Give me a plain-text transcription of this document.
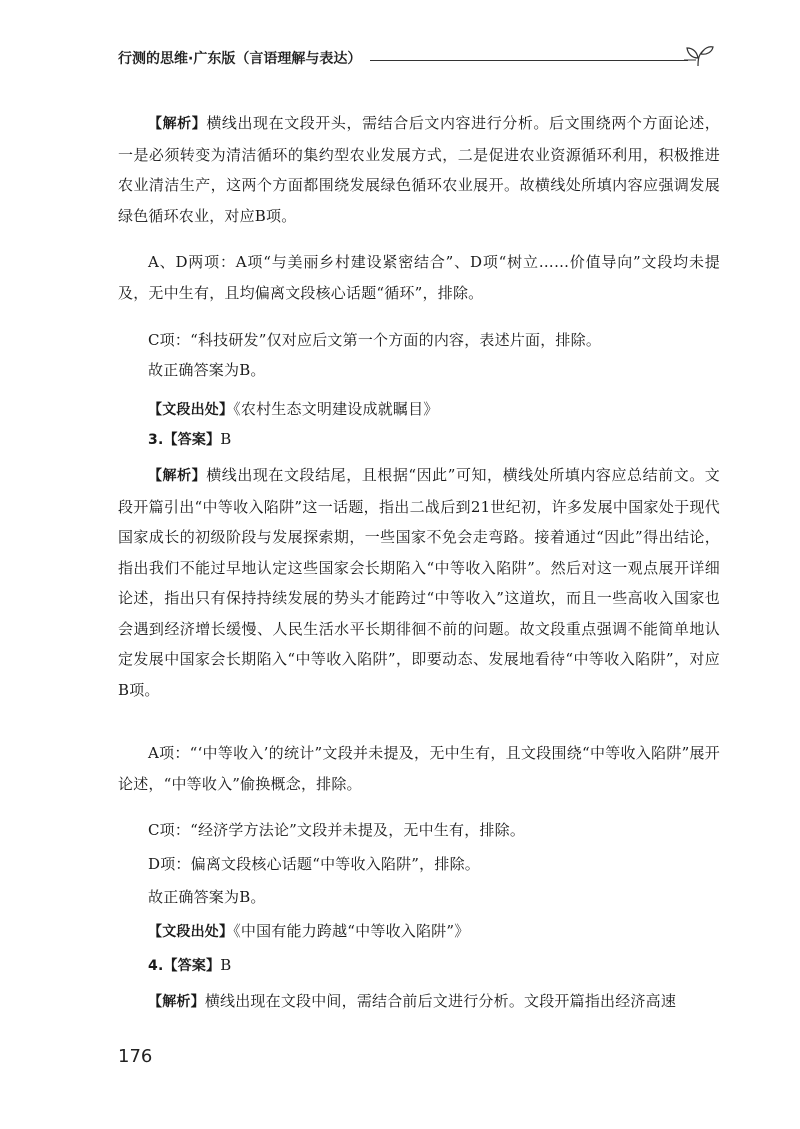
行测的思维·广东版（言语理解与表达）

【解析】横线出现在文段开头，需结合后文内容进行分析。后文围绕两个方面论述，一是必须转变为清洁循环的集约型农业发展方式，二是促进农业资源循环利用，积极推进农业清洁生产，这两个方面都围绕发展绿色循环农业展开。故横线处所填内容应强调发展绿色循环农业，对应B项。

A、D两项：A项“与美丽乡村建设紧密结合”、D项“树立……价值导向”文段均未提及，无中生有，且均偏离文段核心话题“循环”，排除。

C项：“科技研发”仅对应后文第一个方面的内容，表述片面，排除。

故正确答案为B。

【文段出处】《农村生态文明建设成就瞩目》

3.【答案】B

【解析】横线出现在文段结尾，且根据“因此”可知，横线处所填内容应总结前文。文段开篇引出“中等收入陷阱”这一话题，指出二战后到21世纪初，许多发展中国家处于现代国家成长的初级阶段与发展探索期，一些国家不免会走弯路。接着通过“因此”得出结论，指出我们不能过早地认定这些国家会长期陷入“中等收入陷阱”。然后对这一观点展开详细论述，指出只有保持持续发展的势头才能跨过“中等收入”这道坎，而且一些高收入国家也会遇到经济增长缓慢、人民生活水平长期徘徊不前的问题。故文段重点强调不能简单地认定发展中国家会长期陷入“中等收入陷阱”，即要动态、发展地看待“中等收入陷阱”，对应B项。

A项：“‘中等收入’的统计”文段并未提及，无中生有，且文段围绕“中等收入陷阱”展开论述，“中等收入”偷换概念，排除。

C项：“经济学方法论”文段并未提及，无中生有，排除。

D项：偏离文段核心话题“中等收入陷阱”，排除。

故正确答案为B。

【文段出处】《中国有能力跨越“中等收入陷阱”》

4.【答案】B

【解析】横线出现在文段中间，需结合前后文进行分析。文段开篇指出经济高速

176
